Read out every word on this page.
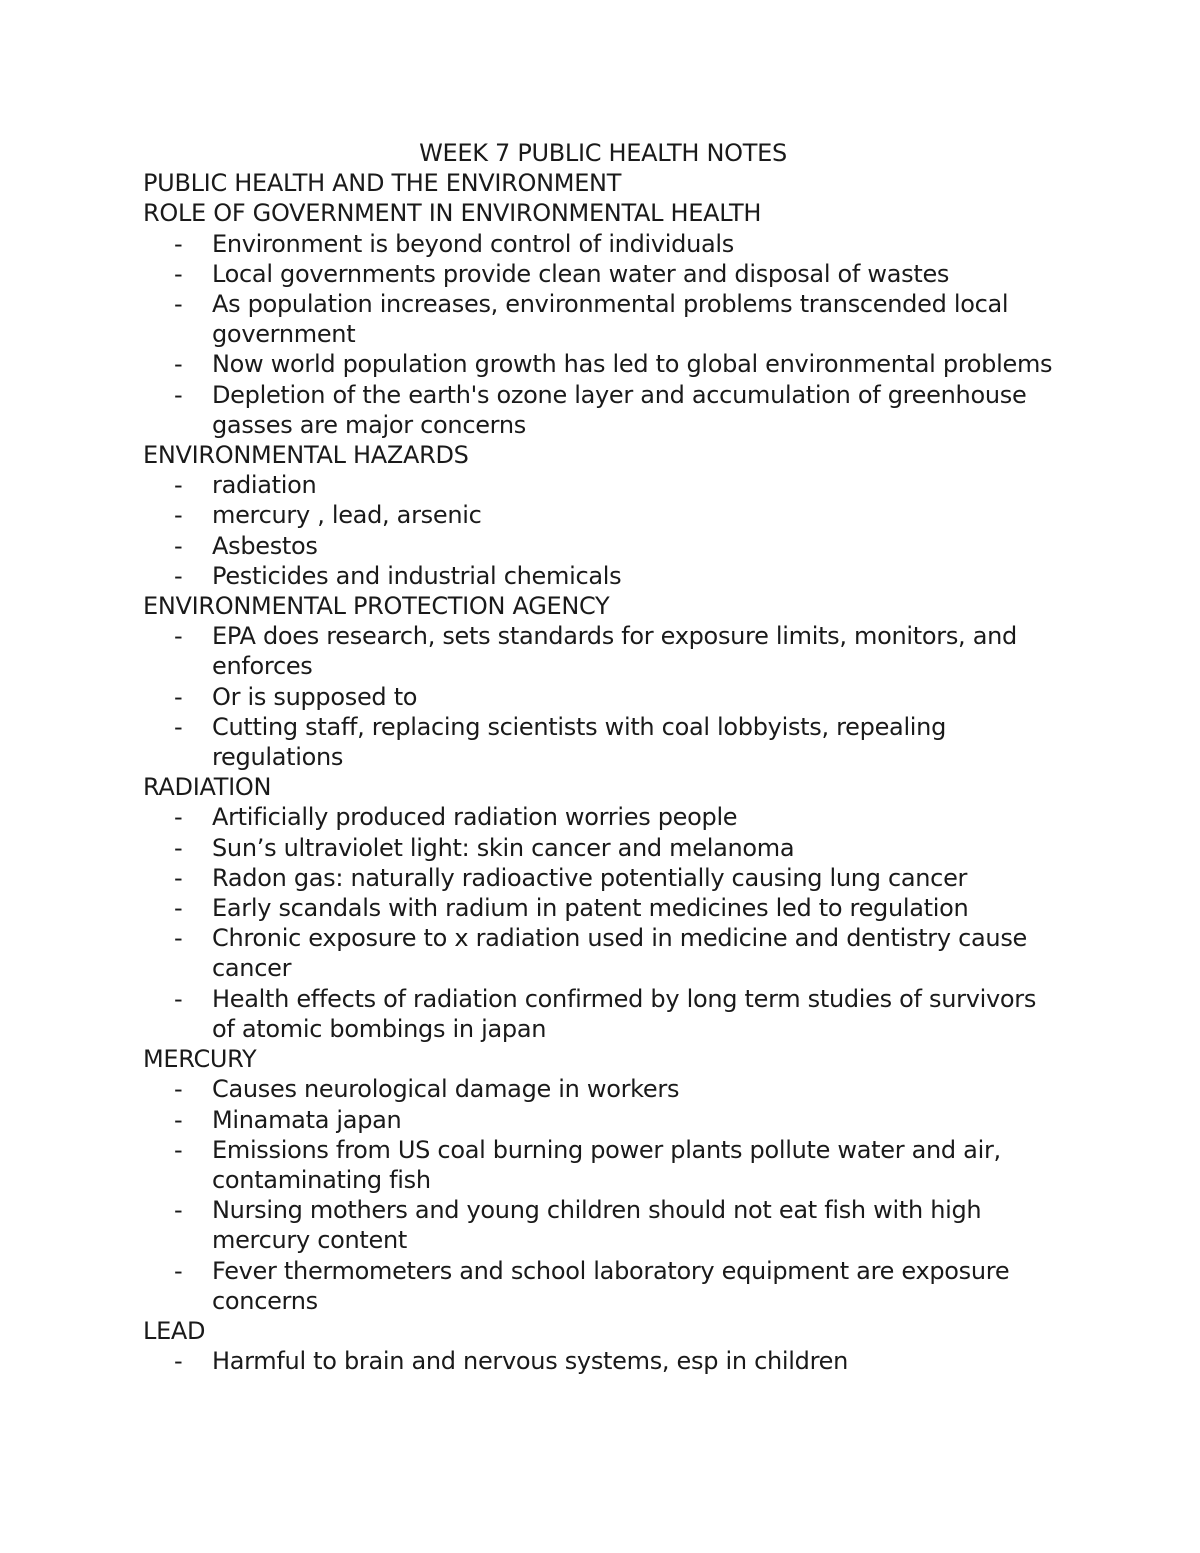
WEEK 7 PUBLIC HEALTH NOTES
PUBLIC HEALTH AND THE ENVIRONMENT
ROLE OF GOVERNMENT IN ENVIRONMENTAL HEALTH
- Environment is beyond control of individuals
- Local governments provide clean water and disposal of wastes
- As population increases, environmental problems transcended local government
- Now world population growth has led to global environmental problems
- Depletion of the earth's ozone layer and accumulation of greenhouse gasses are major concerns
ENVIRONMENTAL HAZARDS
- radiation
- mercury , lead, arsenic
- Asbestos
- Pesticides and industrial chemicals
ENVIRONMENTAL PROTECTION AGENCY
- EPA does research, sets standards for exposure limits, monitors, and enforces
- Or is supposed to
- Cutting staff, replacing scientists with coal lobbyists, repealing regulations
RADIATION
- Artificially produced radiation worries people
- Sun’s ultraviolet light: skin cancer and melanoma
- Radon gas: naturally radioactive potentially causing lung cancer
- Early scandals with radium in patent medicines led to regulation
- Chronic exposure to x radiation used in medicine and dentistry cause cancer
- Health effects of radiation confirmed by long term studies of survivors of atomic bombings in japan
MERCURY
- Causes neurological damage in workers
- Minamata japan
- Emissions from US coal burning power plants pollute water and air, contaminating fish
- Nursing mothers and young children should not eat fish with high mercury content
- Fever thermometers and school laboratory equipment are exposure concerns
LEAD
- Harmful to brain and nervous systems, esp in children
